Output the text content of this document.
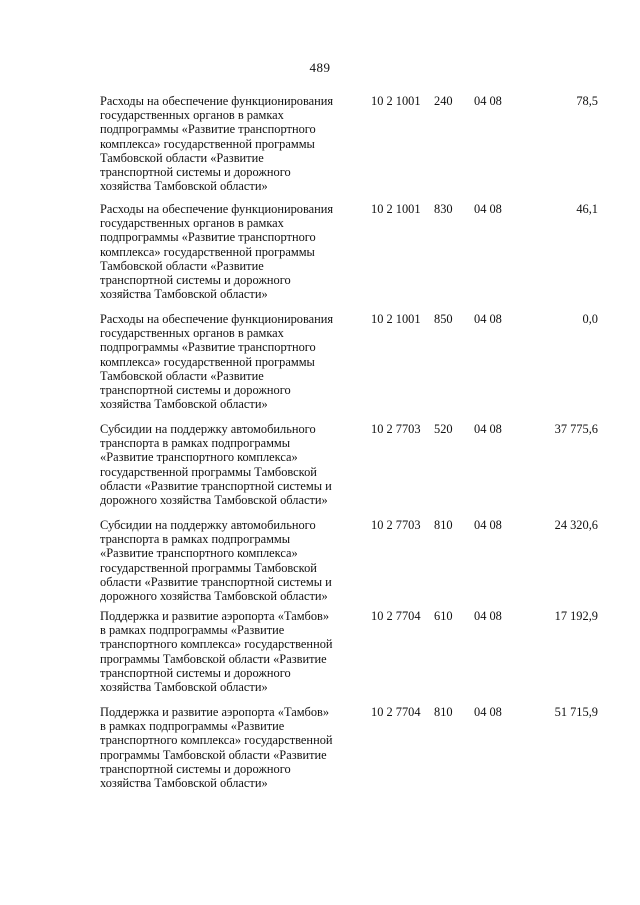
489
Расходы на обеспечение функционирования
государственных органов в рамках
подпрограммы «Развитие транспортного
комплекса» государственной программы
Тамбовской области «Развитие
транспортной системы и дорожного
хозяйства Тамбовской области»
10 2 1001 240 04 08	78,5
Расходы на обеспечение функционирования
государственных органов в рамках
подпрограммы «Развитие транспортного
комплекса» государственной программы
Тамбовской области «Развитие
транспортной системы и дорожного
хозяйства Тамбовской области»
10 2 1001 830 04 08	46,1
Расходы на обеспечение функционирования
государственных органов в рамках
подпрограммы «Развитие транспортного
комплекса» государственной программы
Тамбовской области «Развитие
транспортной системы и дорожного
хозяйства Тамбовской области»
10 2 1001 850 04 08	0,0
Субсидии на поддержку автомобильного
транспорта в рамках подпрограммы
«Развитие транспортного комплекса»
государственной программы Тамбовской
области «Развитие транспортной системы и
дорожного хозяйства Тамбовской области»
10 2 7703 520 04 08	37 775,6
Субсидии на поддержку автомобильного
транспорта в рамках подпрограммы
«Развитие транспортного комплекса»
государственной программы Тамбовской
области «Развитие транспортной системы и
дорожного хозяйства Тамбовской области»
10 2 7703 810 04 08	24 320,6
Поддержка и развитие аэропорта «Тамбов»
в рамках подпрограммы «Развитие
транспортного комплекса» государственной
программы Тамбовской области «Развитие
транспортной системы и дорожного
хозяйства Тамбовской области»
10 2 7704 610 04 08	17 192,9
Поддержка и развитие аэропорта «Тамбов»
в рамках подпрограммы «Развитие
транспортного комплекса» государственной
программы Тамбовской области «Развитие
транспортной системы и дорожного
хозяйства Тамбовской области»
10 2 7704 810 04 08	51 715,9
